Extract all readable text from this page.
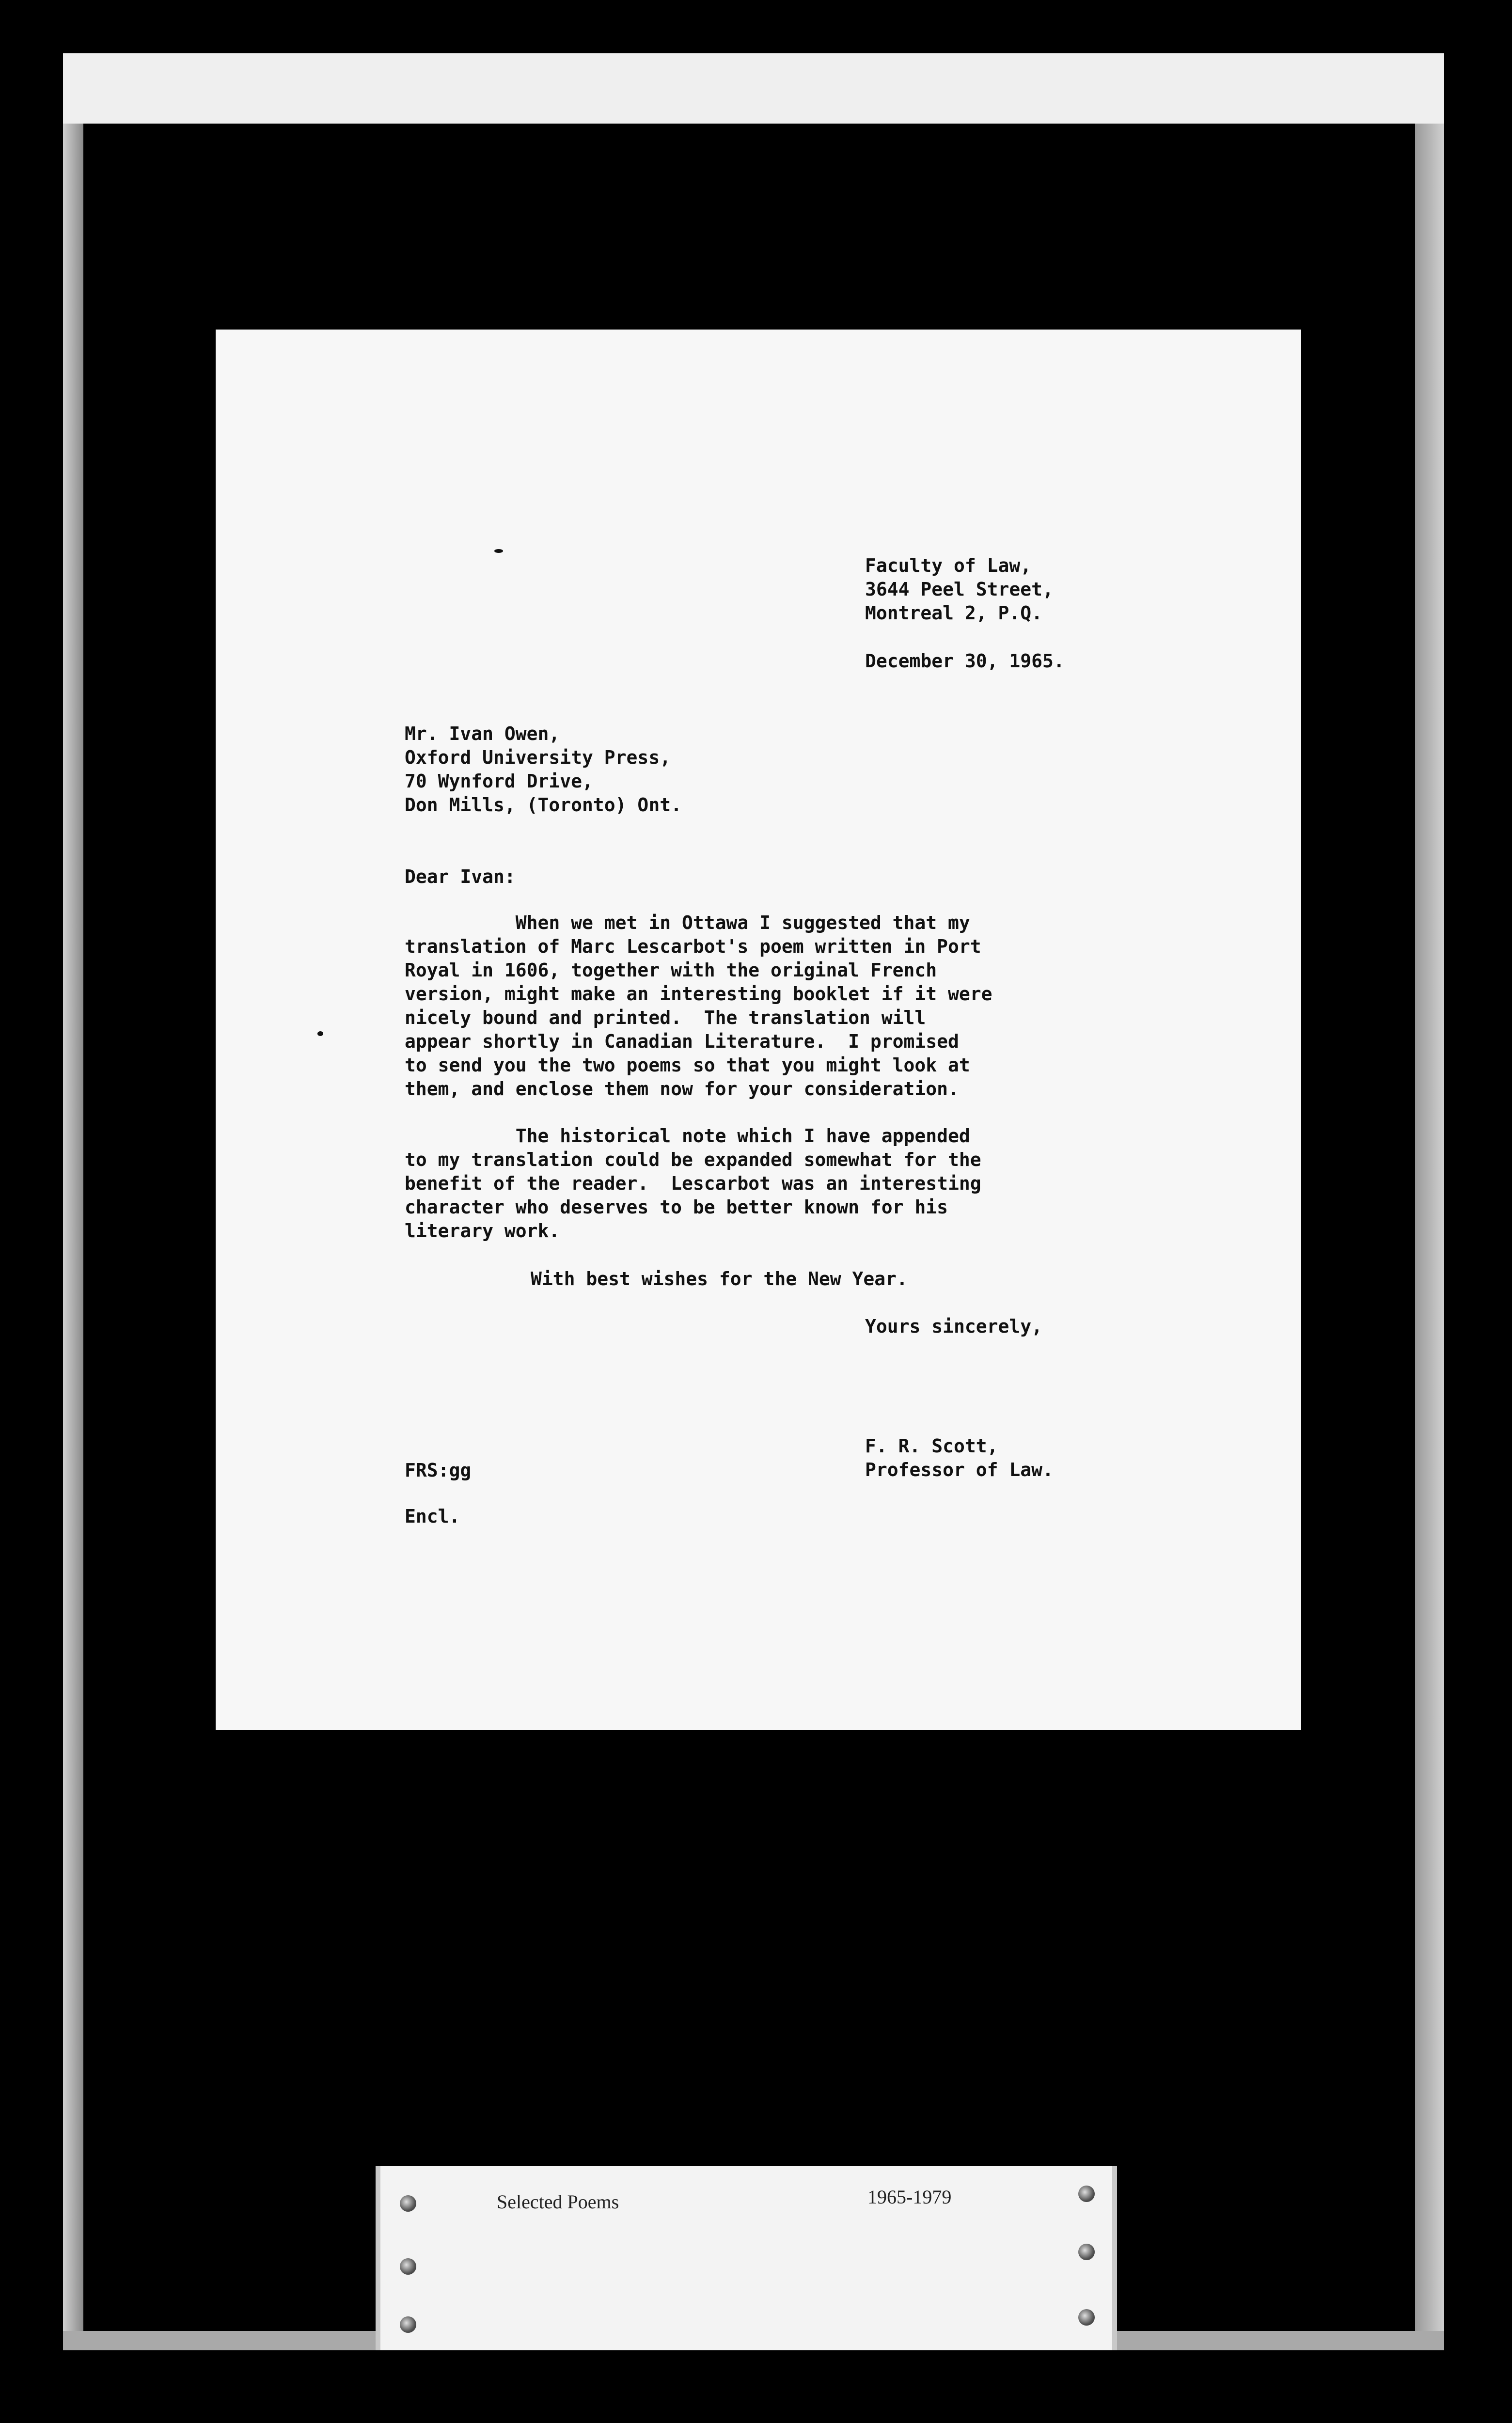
Faculty of Law,
3644 Peel Street,
Montreal 2, P.Q.
December 30, 1965.
Mr. Ivan Owen,
Oxford University Press,
70 Wynford Drive,
Don Mills, (Toronto) Ont.
Dear Ivan:
When we met in Ottawa I suggested that my
translation of Marc Lescarbot's poem written in Port
Royal in 1606, together with the original French
version, might make an interesting booklet if it were
nicely bound and printed.  The translation will
appear shortly in Canadian Literature.  I promised
to send you the two poems so that you might look at
them, and enclose them now for your consideration.
The historical note which I have appended
to my translation could be expanded somewhat for the
benefit of the reader.  Lescarbot was an interesting
character who deserves to be better known for his
literary work.
With best wishes for the New Year.
Yours sincerely,
F. R. Scott,
Professor of Law.
FRS:gg
Encl.
Selected Poems	1965-1979
